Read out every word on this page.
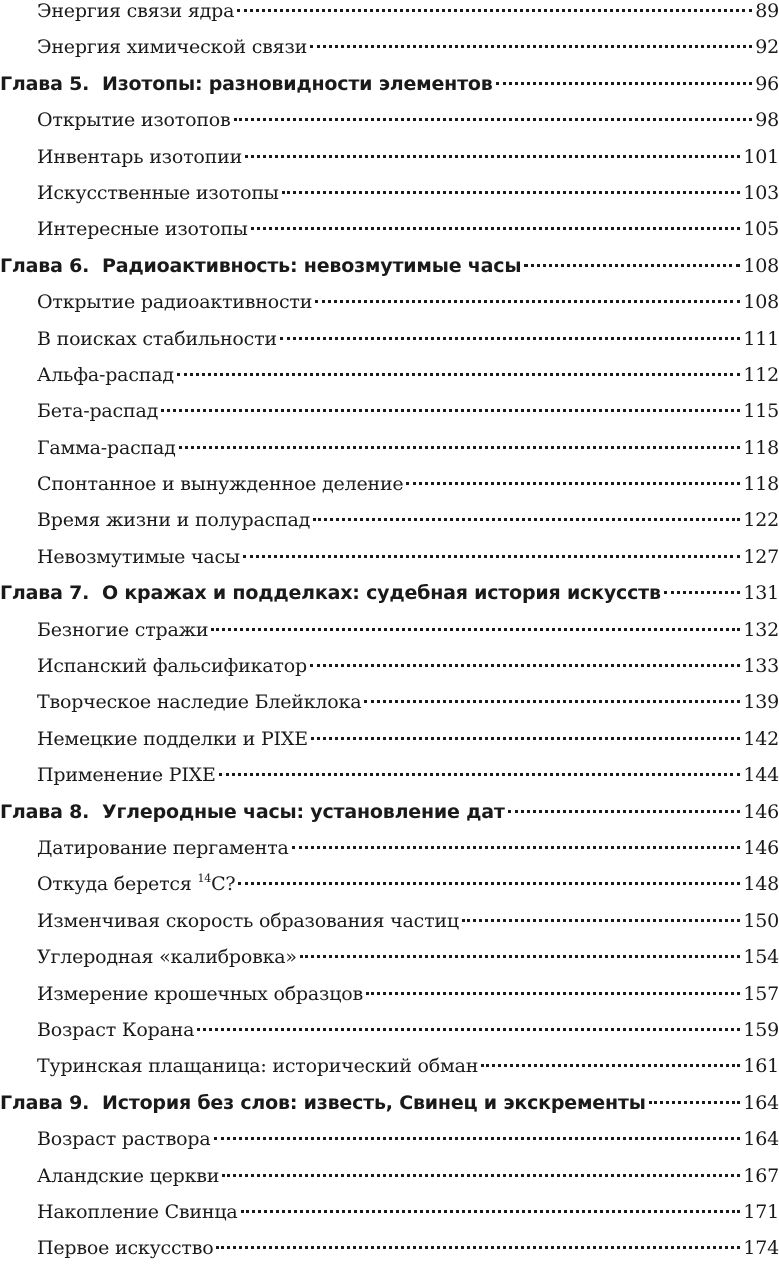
Энергия связи ядра	89
Энергия химической связи	92
Глава 5. Изотопы: разновидности элементов	96
Открытие изотопов	98
Инвентарь изотопии	101
Искусственные изотопы	103
Интересные изотопы	105
Глава 6. Радиоактивность: невозмутимые часы	108
Открытие радиоактивности	108
В поисках стабильности	111
Альфа-распад	112
Бета-распад	115
Гамма-распад	118
Спонтанное и вынужденное деление	118
Время жизни и полураспад	122
Невозмутимые часы	127
Глава 7. О кражах и подделках: судебная история искусств	131
Безногие стражи	132
Испанский фальсификатор	133
Творческое наследие Блейклока	139
Немецкие подделки и PIXE	142
Применение PIXE	144
Глава 8. Углеродные часы: установление дат	146
Датирование пергамента	146
Откуда берется $^{14}$C?	148
Изменчивая скорость образования частиц	150
Углеродная «калибровка»	154
Измерение крошечных образцов	157
Возраст Корана	159
Туринская плащаница: исторический обман	161
Глава 9. История без слов: известь, Свинец и экскременты	164
Возраст раствора	164
Аландские церкви	167
Накопление Свинца	171
Первое искусство	174
